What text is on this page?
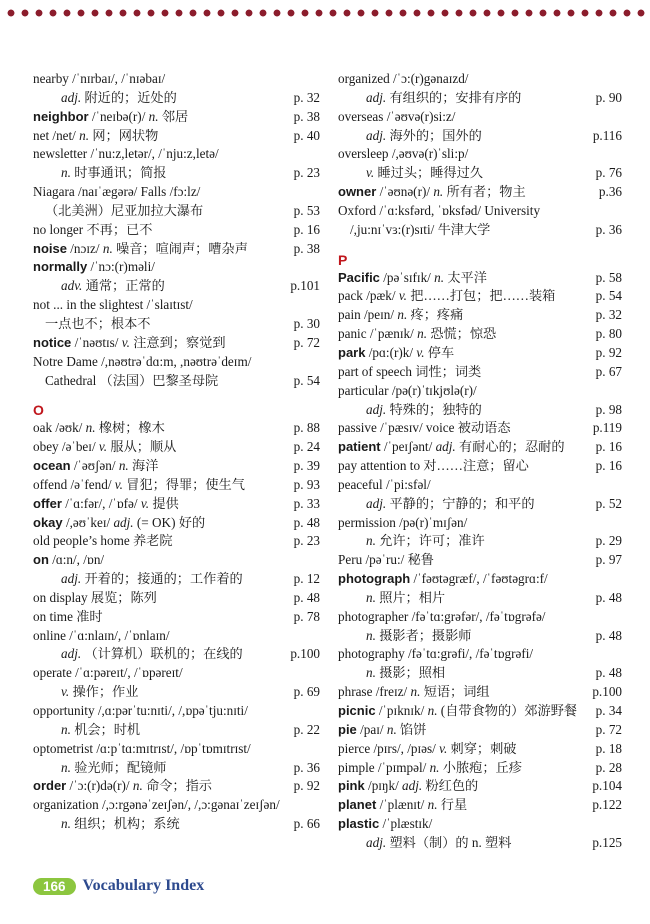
nearby /ˈnɪrbaɪ/, /ˈnɪəbaɪ/
adj. 附近的；近处的	p. 32
neighbor /ˈneɪbə(r)/ n. 邻居	p. 38
net /net/ n. 网；网状物	p. 40
newsletter /ˈnu:z,letər/, /ˈnju:z,letə/
n. 时事通讯；简报	p. 23
Niagara /naɪˈægərə/ Falls /fɔ:lz/
（北美洲）尼亚加拉大瀑布	p. 53
no longer 不再；已不	p. 16
noise /nɔɪz/ n. 噪音；喧闹声；嘈杂声	p. 38
normally /ˈnɔ:(r)məli/
adv. 通常；正常的	p.101
not ... in the slightest /ˈslaɪtɪst/
一点也不；根本不	p. 30
notice /ˈnəʊtɪs/ v. 注意到；察觉到	p. 72
Notre Dame /,nəʊtrəˈdɑ:m, ,nəʊtrəˈdeɪm/
Cathedral （法国）巴黎圣母院	p. 54
O
oak /əʊk/ n. 橡树；橡木	p. 88
obey /əˈbeɪ/ v. 服从；顺从	p. 24
ocean /ˈəʊʃən/ n. 海洋	p. 39
offend /əˈfend/ v. 冒犯；得罪；使生气	p. 93
offer /ˈɑ:fər/, /ˈɒfə/ v. 提供	p. 33
okay /,əʊˈkeɪ/ adj. (= OK) 好的	p. 48
old people’s home 养老院	p. 23
on /ɑ:n/, /ɒn/
adj. 开着的；接通的；工作着的	p. 12
on display 展览；陈列	p. 48
on time 准时	p. 78
online /ˈɑ:nlaɪn/, /ˈɒnlaɪn/
adj. （计算机）联机的；在线的	p.100
operate /ˈɑ:pəreɪt/, /ˈɒpəreɪt/
v. 操作；作业	p. 69
opportunity /,ɑ:pərˈtu:nɪti/, /,ɒpəˈtju:nɪti/
n. 机会；时机	p. 22
optometrist /ɑ:pˈtɑ:mɪtrɪst/, /ɒpˈtɒmɪtrɪst/
n. 验光师；配镜师	p. 36
order /ˈɔ:(r)də(r)/ n. 命令；指示	p. 92
organization /,ɔ:rgənəˈzeɪʃən/, /,ɔ:gənaɪˈzeɪʃən/
n. 组织；机构；系统	p. 66
organized /ˈɔ:(r)gənaɪzd/
adj. 有组织的；安排有序的	p. 90
overseas /ˈəʊvə(r)si:z/
adj. 海外的；国外的	p.116
oversleep /,əʊvə(r)ˈsli:p/
v. 睡过头；睡得过久	p. 76
owner /ˈəʊnə(r)/ n. 所有者；物主	p.36
Oxford /ˈɑ:ksfərd, ˈɒksfəd/ University
/,ju:nɪˈvɜ:(r)sɪti/ 牛津大学	p. 36
P
Pacific /pəˈsɪfɪk/ n. 太平洋	p. 58
pack /pæk/ v. 把……打包；把……装箱	p. 54
pain /peɪn/ n. 疼；疼痛	p. 32
panic /ˈpænɪk/ n. 恐慌；惊恐	p. 80
park /pɑ:(r)k/ v. 停车	p. 92
part of speech 词性；词类	p. 67
particular /pə(r)ˈtɪkjʊlə(r)/
adj. 特殊的；独特的	p. 98
passive /ˈpæsɪv/ voice 被动语态	p.119
patient /ˈpeɪʃənt/ adj. 有耐心的；忍耐的 p. 16
pay attention to 对……注意；留心	p. 16
peaceful /ˈpi:sfəl/
adj. 平静的；宁静的；和平的	p. 52
permission /pə(r)ˈmɪʃən/
n. 允许；许可；准许	p. 29
Peru /pəˈru:/ 秘鲁	p. 97
photograph /ˈfəʊtəgræf/, /ˈfəʊtəgrɑ:f/
n. 照片；相片	p. 48
photographer /fəˈtɑ:grəfər/, /fəˈtɒgrəfə/
n. 摄影者；摄影师	p. 48
photography /fəˈtɑ:grəfi/, /fəˈtɒgrəfi/
n. 摄影；照相	p. 48
phrase /freɪz/ n. 短语；词组	p.100
picnic /ˈpɪknɪk/ n. (自带食物的）郊游野餐 p. 34
pie /paɪ/ n. 馅饼	p. 72
pierce /pɪrs/, /pɪəs/ v. 刺穿；刺破	p. 18
pimple /ˈpɪmpəl/ n. 小脓疱；丘疹	p. 28
pink /pɪŋk/ adj. 粉红色的	p.104
planet /ˈplænɪt/ n. 行星	p.122
plastic /ˈplæstɪk/
adj. 塑料（制）的 n. 塑料	p.125
166	Vocabulary Index
